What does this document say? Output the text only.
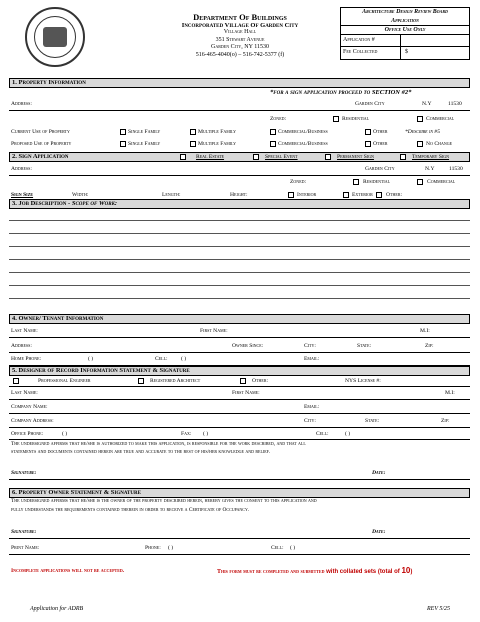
Department Of Buildings
Incorporated Village Of Garden City
Village Hall
351 Stewart Avenue
Garden City, NY 11530
516-465-4040(o) – 516-742-5377 (f)
Architecture Design Review Board
Application
Office Use Only
Application #
Fee Collected	$
1. Property Information
*for a sign application proceed to SECTION #2*
Address:	Garden City	N.Y	11530
Zoned:	Residential	Commercial
Current Use of Property	Single Family	Multiple Family	Commercial/Business	Other	*Describe in #5
Proposed Use of Property	Single Family	Multiple Family	Commercial/Business	Other	No Change
2. Sign Application	Real Estate	Special Event	Permanent Sign	Temporary Sign
Address:	Garden City	N.Y	11530
Zoned:	Residential	Commercial
Sign Size	Width:	Length:	Height:	Interior	Exterior Other:
3. Job Description - Scope of Work:
4. Owner/ Tenant Information
Last Name:	First Name:	M.I:
Address:	Owner Since:	City:	State:	Zip:
Home Phone:	( )	Cell: ( )	Email:
5. Designer of Record Information Statement & Signature
Professional Engineer	Registered Architect	Other:	NYS License #:
Last Name:	First Name:	M.I:
Company Name:	Email:
Company Address:	City:	State:	Zip:
Office Phone:	( )	Fax: ( )	Cell:	( )
The undersigned affirms that he/she is authorized to make this application, is responsible for the work described, and that all
statements and documents contained herein are true and accurate to the best of his/her knowledge and belief.
Signature:	Date:
6. Property Owner Statement & Signature
The undersigned affirms that he/she is the owner of the property described herein, hereby gives the consent to this application and
fully understands the requirements contained therein in order to receive a Certificate of Occupancy.
Signature:	Date:
Print Name:	Phone: ( )	Cell: ( )
Incomplete applications will not be accepted.	This form must be completed and submitted with collated sets (total of 10)
Application for ADRB	REV 5/25
